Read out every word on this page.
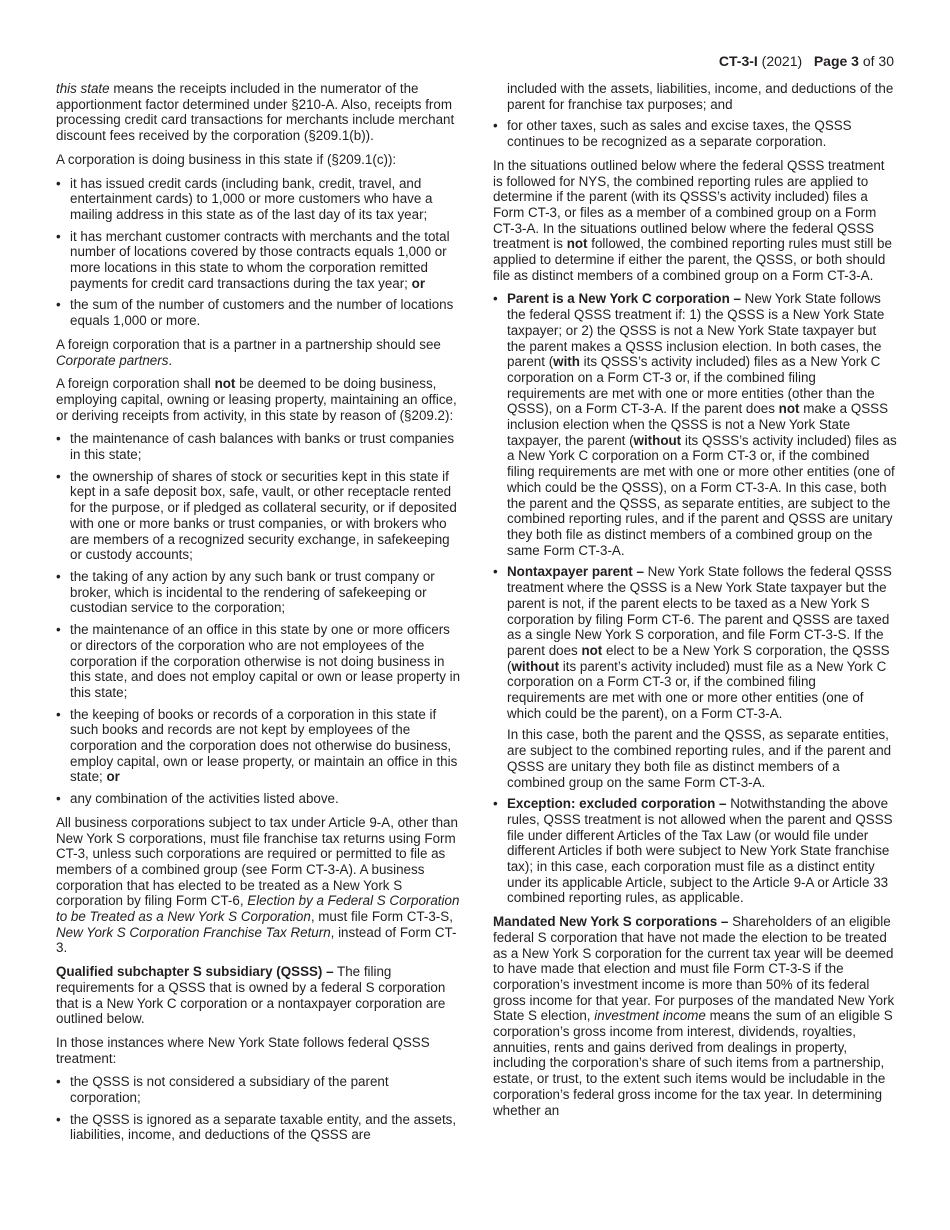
CT-3-I (2021) Page 3 of 30

this state means the receipts included in the numerator of the apportionment factor determined under §210-A. Also, receipts from processing credit card transactions for merchants include merchant discount fees received by the corporation (§209.1(b)).

A corporation is doing business in this state if (§209.1(c)):

• it has issued credit cards (including bank, credit, travel, and entertainment cards) to 1,000 or more customers who have a mailing address in this state as of the last day of its tax year;
• it has merchant customer contracts with merchants and the total number of locations covered by those contracts equals 1,000 or more locations in this state to whom the corporation remitted payments for credit card transactions during the tax year; or
• the sum of the number of customers and the number of locations equals 1,000 or more.

A foreign corporation that is a partner in a partnership should see Corporate partners.

A foreign corporation shall not be deemed to be doing business, employing capital, owning or leasing property, maintaining an office, or deriving receipts from activity, in this state by reason of (§209.2):

• the maintenance of cash balances with banks or trust companies in this state;
• the ownership of shares of stock or securities kept in this state if kept in a safe deposit box, safe, vault, or other receptacle rented for the purpose, or if pledged as collateral security, or if deposited with one or more banks or trust companies, or with brokers who are members of a recognized security exchange, in safekeeping or custody accounts;
• the taking of any action by any such bank or trust company or broker, which is incidental to the rendering of safekeeping or custodian service to the corporation;
• the maintenance of an office in this state by one or more officers or directors of the corporation who are not employees of the corporation if the corporation otherwise is not doing business in this state, and does not employ capital or own or lease property in this state;
• the keeping of books or records of a corporation in this state if such books and records are not kept by employees of the corporation and the corporation does not otherwise do business, employ capital, own or lease property, or maintain an office in this state; or
• any combination of the activities listed above.

All business corporations subject to tax under Article 9-A, other than New York S corporations, must file franchise tax returns using Form CT-3, unless such corporations are required or permitted to file as members of a combined group (see Form CT-3-A). A business corporation that has elected to be treated as a New York S corporation by filing Form CT-6, Election by a Federal S Corporation to be Treated as a New York S Corporation, must file Form CT-3-S, New York S Corporation Franchise Tax Return, instead of Form CT-3.

Qualified subchapter S subsidiary (QSSS) – The filing requirements for a QSSS that is owned by a federal S corporation that is a New York C corporation or a nontaxpayer corporation are outlined below.

In those instances where New York State follows federal QSSS treatment:

• the QSSS is not considered a subsidiary of the parent corporation;
• the QSSS is ignored as a separate taxable entity, and the assets, liabilities, income, and deductions of the QSSS are
included with the assets, liabilities, income, and deductions of the parent for franchise tax purposes; and
• for other taxes, such as sales and excise taxes, the QSSS continues to be recognized as a separate corporation.

In the situations outlined below where the federal QSSS treatment is followed for NYS, the combined reporting rules are applied to determine if the parent (with its QSSS’s activity included) files a Form CT-3, or files as a member of a combined group on a Form CT-3-A. In the situations outlined below where the federal QSSS treatment is not followed, the combined reporting rules must still be applied to determine if either the parent, the QSSS, or both should file as distinct members of a combined group on a Form CT-3-A.

• Parent is a New York C corporation – New York State follows the federal QSSS treatment if: 1) the QSSS is a New York State taxpayer; or 2) the QSSS is not a New York State taxpayer but the parent makes a QSSS inclusion election. In both cases, the parent (with its QSSS’s activity included) files as a New York C corporation on a Form CT-3 or, if the combined filing requirements are met with one or more entities (other than the QSSS), on a Form CT-3-A. If the parent does not make a QSSS inclusion election when the QSSS is not a New York State taxpayer, the parent (without its QSSS’s activity included) files as a New York C corporation on a Form CT-3 or, if the combined filing requirements are met with one or more other entities (one of which could be the QSSS), on a Form CT-3-A. In this case, both the parent and the QSSS, as separate entities, are subject to the combined reporting rules, and if the parent and QSSS are unitary they both file as distinct members of a combined group on the same Form CT-3-A.

• Nontaxpayer parent – New York State follows the federal QSSS treatment where the QSSS is a New York State taxpayer but the parent is not, if the parent elects to be taxed as a New York S corporation by filing Form CT-6. The parent and QSSS are taxed as a single New York S corporation, and file Form CT-3-S. If the parent does not elect to be a New York S corporation, the QSSS (without its parent’s activity included) must file as a New York C corporation on a Form CT-3 or, if the combined filing requirements are met with one or more other entities (one of which could be the parent), on a Form CT-3-A.

In this case, both the parent and the QSSS, as separate entities, are subject to the combined reporting rules, and if the parent and QSSS are unitary they both file as distinct members of a combined group on the same Form CT-3-A.

• Exception: excluded corporation – Notwithstanding the above rules, QSSS treatment is not allowed when the parent and QSSS file under different Articles of the Tax Law (or would file under different Articles if both were subject to New York State franchise tax); in this case, each corporation must file as a distinct entity under its applicable Article, subject to the Article 9-A or Article 33 combined reporting rules, as applicable.

Mandated New York S corporations – Shareholders of an eligible federal S corporation that have not made the election to be treated as a New York S corporation for the current tax year will be deemed to have made that election and must file Form CT-3-S if the corporation’s investment income is more than 50% of its federal gross income for that year. For purposes of the mandated New York State S election, investment income means the sum of an eligible S corporation’s gross income from interest, dividends, royalties, annuities, rents and gains derived from dealings in property, including the corporation’s share of such items from a partnership, estate, or trust, to the extent such items would be includable in the corporation’s federal gross income for the tax year. In determining whether an
